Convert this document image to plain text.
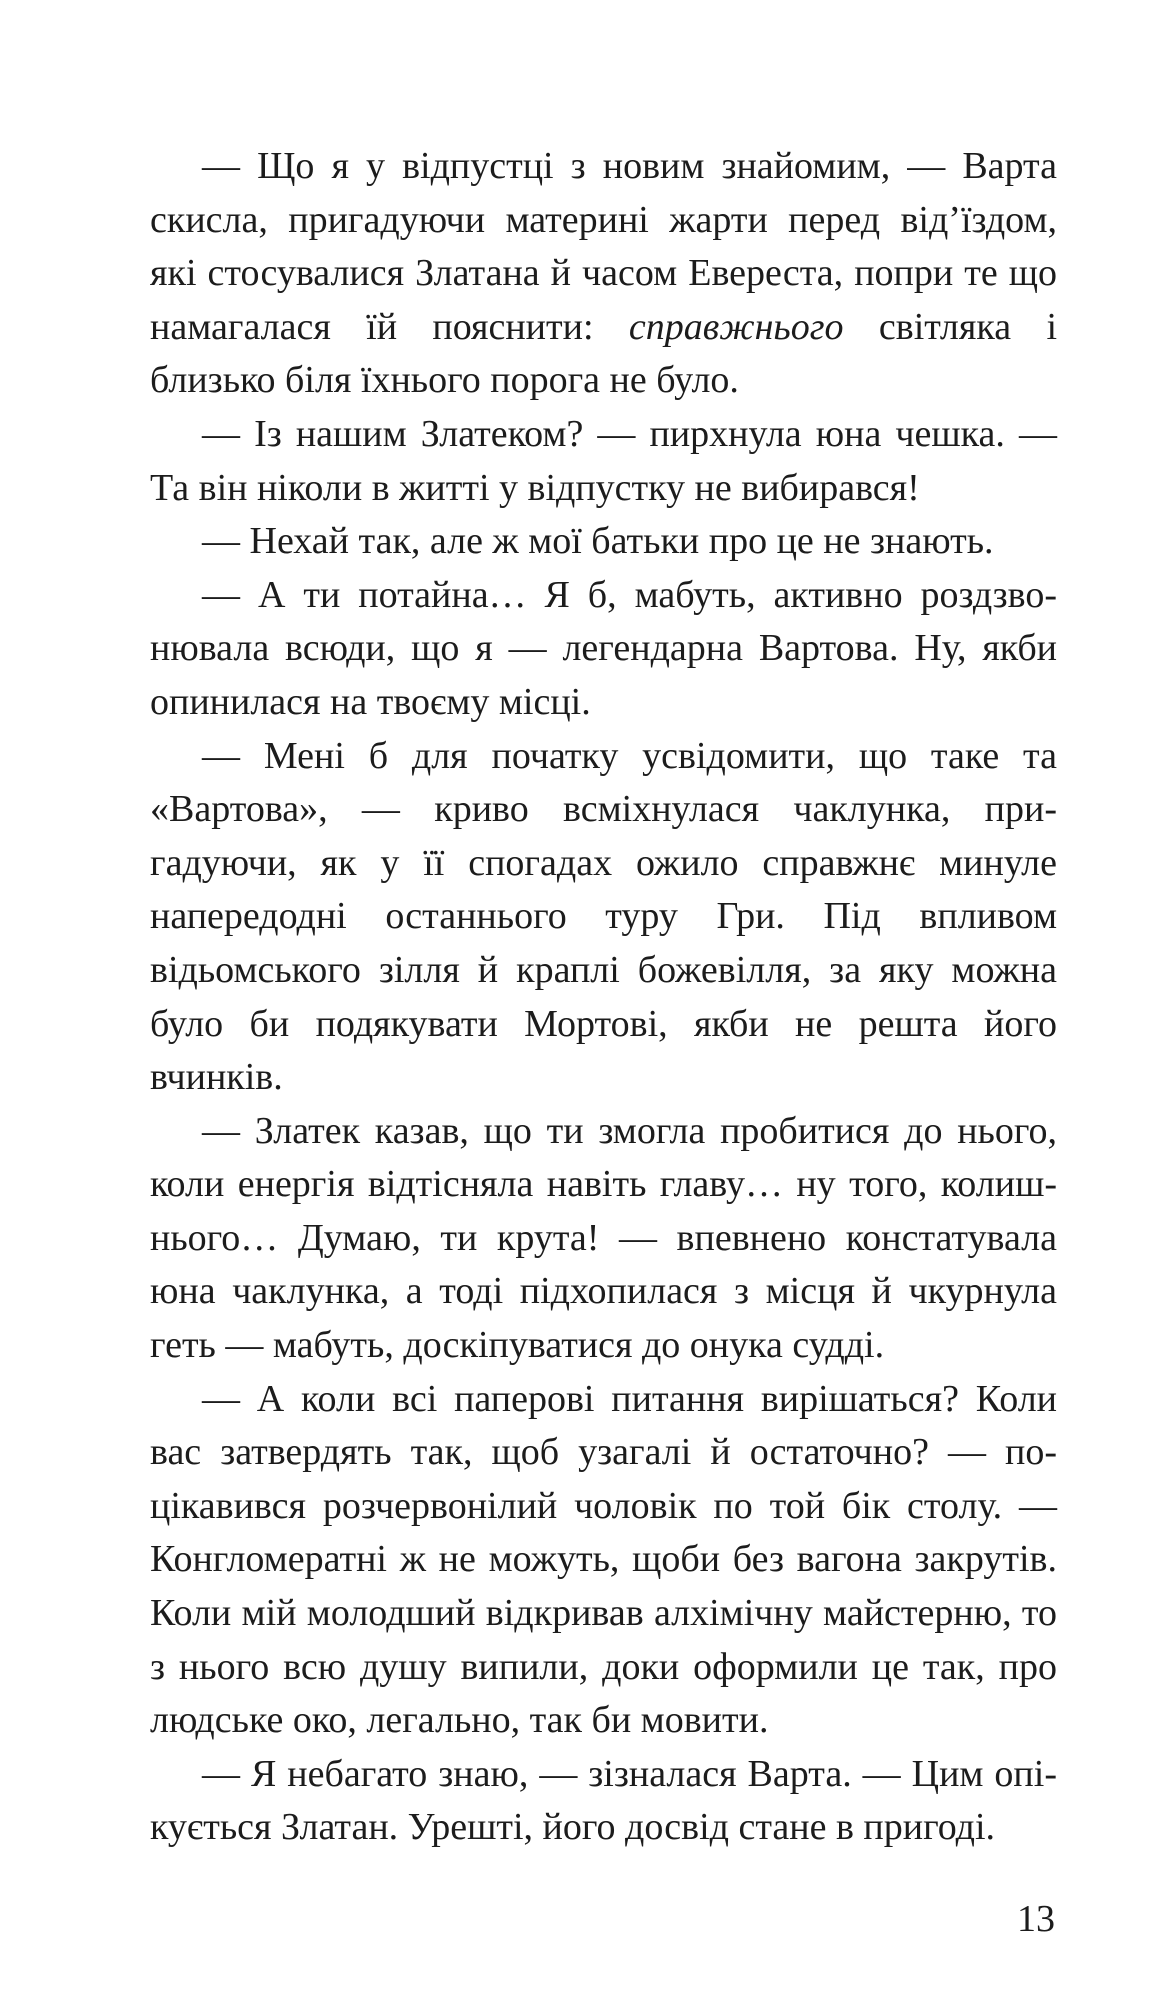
— Що я у відпустці з новим знайомим, — Варта скисла, пригадуючи материні жарти перед від’їздом, які стосувалися Златана й часом Евереста, попри те що намагалася їй пояснити: справжнього світляка і близько біля їхнього порога не було.

— Із нашим Златеком? — пирхнула юна чешка. — Та він ніколи в житті у відпустку не вибирався!

— Нехай так, але ж мої батьки про це не знають.

— А ти потайна… Я б, мабуть, активно роздзвонювала всюди, що я — легендарна Вартова. Ну, якби опинилася на твоєму місці.

— Мені б для початку усвідомити, що таке та «Вартова», — криво всміхнулася чаклунка, пригадуючи, як у її спогадах ожило справжнє минуле напередодні останнього туру Гри. Під впливом відьомського зілля й краплі божевілля, за яку можна було би подякувати Мортові, якби не решта його вчинків.

— Златек казав, що ти змогла пробитися до нього, коли енергія відтісняла навіть главу… ну того, колишнього… Думаю, ти крута! — впевнено констатувала юна чаклунка, а тоді підхопилася з місця й чкурнула геть — мабуть, доскіпуватися до онука судді.

— А коли всі паперові питання вирішаться? Коли вас затвердять так, щоб узагалі й остаточно? — поцікавився розчервонілий чоловік по той бік столу. — Конгломератні ж не можуть, щоби без вагона закрутів. Коли мій молодший відкривав алхімічну майстерню, то з нього всю душу випили, доки оформили це так, про людське око, легально, так би мовити.

— Я небагато знаю, — зізналася Варта. — Цим опікується Златан. Урешті, його досвід стане в пригоді.

13
